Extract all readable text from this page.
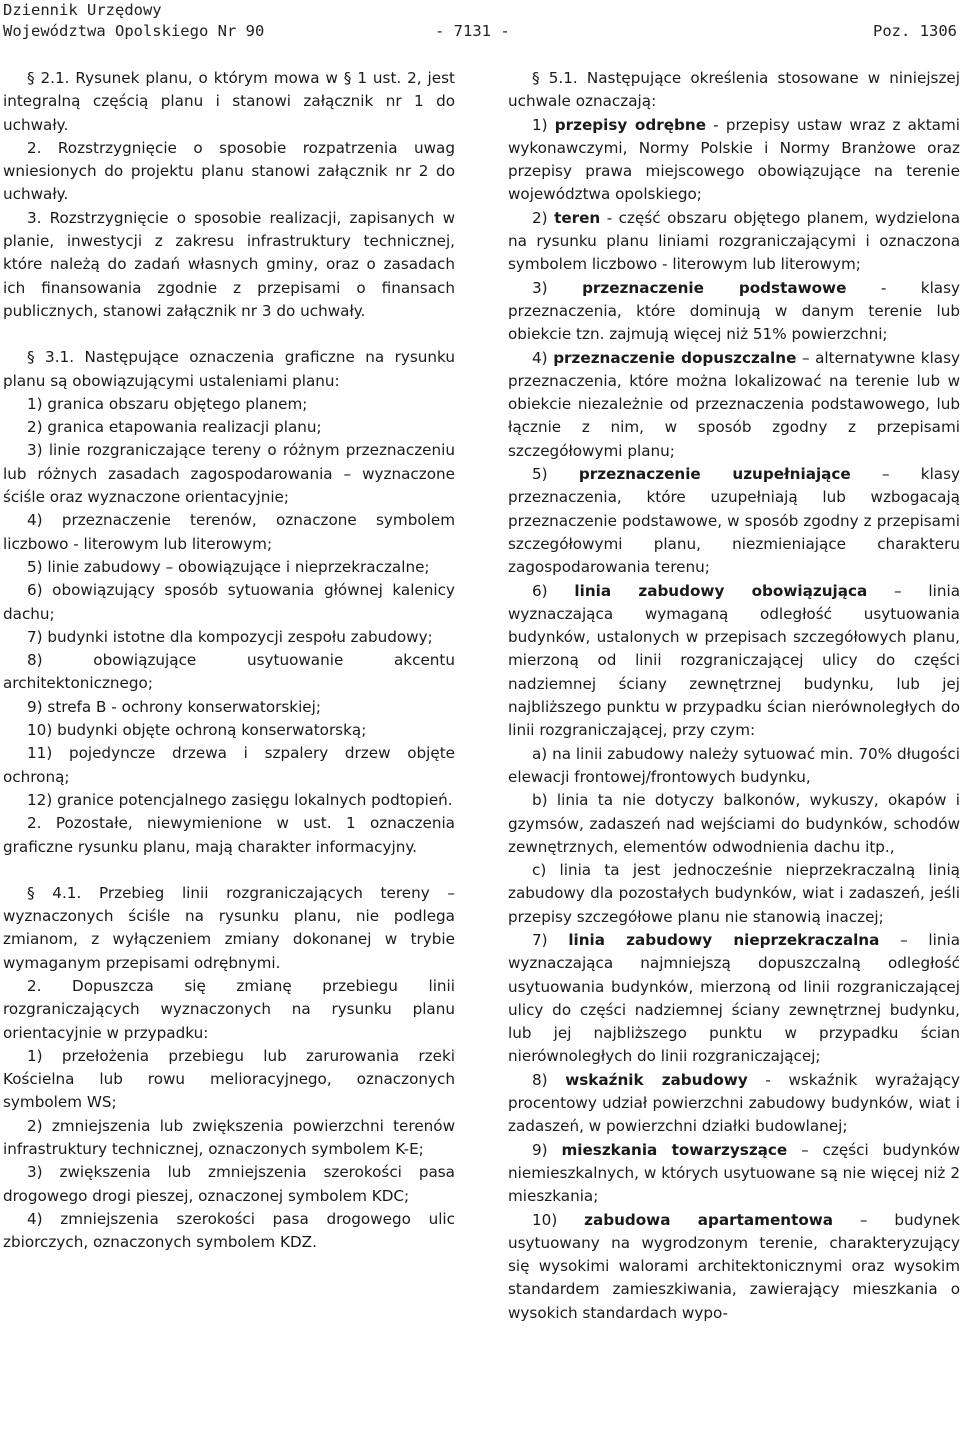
Dziennik Urzędowy
Województwa Opolskiego Nr 90	- 7131 -	Poz. 1306

§ 2.1. Rysunek planu, o którym mowa w § 1 ust. 2, jest integralną częścią planu i stanowi załącznik nr 1 do uchwały.

2. Rozstrzygnięcie o sposobie rozpatrzenia uwag wniesionych do projektu planu stanowi załącznik nr 2 do uchwały.

3. Rozstrzygnięcie o sposobie realizacji, zapisanych w planie, inwestycji z zakresu infrastruktury technicznej, które należą do zadań własnych gminy, oraz o zasadach ich finansowania zgodnie z przepisami o finansach publicznych, stanowi załącznik nr 3 do uchwały.

§ 3.1. Następujące oznaczenia graficzne na rysunku planu są obowiązującymi ustaleniami planu:

1) granica obszaru objętego planem;

2) granica etapowania realizacji planu;

3) linie rozgraniczające tereny o różnym przeznaczeniu lub różnych zasadach zagospodarowania – wyznaczone ściśle oraz wyznaczone orientacyjnie;

4) przeznaczenie terenów, oznaczone symbolem liczbowo - literowym lub literowym;

5) linie zabudowy – obowiązujące i nieprzekraczalne;

6) obowiązujący sposób sytuowania głównej kalenicy dachu;

7) budynki istotne dla kompozycji zespołu zabudowy;

8) obowiązujące usytuowanie akcentu architektonicznego;

9) strefa B - ochrony konserwatorskiej;

10) budynki objęte ochroną konserwatorską;

11) pojedyncze drzewa i szpalery drzew objęte ochroną;

12) granice potencjalnego zasięgu lokalnych podtopień.

2. Pozostałe, niewymienione w ust. 1 oznaczenia graficzne rysunku planu, mają charakter informacyjny.

§ 4.1. Przebieg linii rozgraniczających tereny – wyznaczonych ściśle na rysunku planu, nie podlega zmianom, z wyłączeniem zmiany dokonanej w trybie wymaganym przepisami odrębnymi.

2. Dopuszcza się zmianę przebiegu linii rozgraniczających wyznaczonych na rysunku planu orientacyjnie w przypadku:

1) przełożenia przebiegu lub zarurowania rzeki Kościelna lub rowu melioracyjnego, oznaczonych symbolem WS;

2) zmniejszenia lub zwiększenia powierzchni terenów infrastruktury technicznej, oznaczonych symbolem K-E;

3) zwiększenia lub zmniejszenia szerokości pasa drogowego drogi pieszej, oznaczonej symbolem KDC;

4) zmniejszenia szerokości pasa drogowego ulic zbiorczych, oznaczonych symbolem KDZ.

§ 5.1. Następujące określenia stosowane w niniejszej uchwale oznaczają:

1) przepisy odrębne - przepisy ustaw wraz z aktami wykonawczymi, Normy Polskie i Normy Branżowe oraz przepisy prawa miejscowego obowiązujące na terenie województwa opolskiego;

2) teren - część obszaru objętego planem, wydzielona na rysunku planu liniami rozgraniczającymi i oznaczona symbolem liczbowo - literowym lub literowym;

3) przeznaczenie podstawowe - klasy przeznaczenia, które dominują w danym terenie lub obiekcie tzn. zajmują więcej niż 51% powierzchni;

4) przeznaczenie dopuszczalne – alternatywne klasy przeznaczenia, które można lokalizować na terenie lub w obiekcie niezależnie od przeznaczenia podstawowego, lub łącznie z nim, w sposób zgodny z przepisami szczegółowymi planu;

5) przeznaczenie uzupełniające – klasy przeznaczenia, które uzupełniają lub wzbogacają przeznaczenie podstawowe, w sposób zgodny z przepisami szczegółowymi planu, niezmieniające charakteru zagospodarowania terenu;

6) linia zabudowy obowiązująca – linia wyznaczająca wymaganą odległość usytuowania budynków, ustalonych w przepisach szczegółowych planu, mierzoną od linii rozgraniczającej ulicy do części nadziemnej ściany zewnętrznej budynku, lub jej najbliższego punktu w przypadku ścian nierównoległych do linii rozgraniczającej, przy czym:

a) na linii zabudowy należy sytuować min. 70% długości elewacji frontowej/frontowych budynku,

b) linia ta nie dotyczy balkonów, wykuszy, okapów i gzymsów, zadaszeń nad wejściami do budynków, schodów zewnętrznych, elementów odwodnienia dachu itp.,

c) linia ta jest jednocześnie nieprzekraczalną linią zabudowy dla pozostałych budynków, wiat i zadaszeń, jeśli przepisy szczegółowe planu nie stanowią inaczej;

7) linia zabudowy nieprzekraczalna – linia wyznaczająca najmniejszą dopuszczalną odległość usytuowania budynków, mierzoną od linii rozgraniczającej ulicy do części nadziemnej ściany zewnętrznej budynku, lub jej najbliższego punktu w przypadku ścian nierównoległych do linii rozgraniczającej;

8) wskaźnik zabudowy - wskaźnik wyrażający procentowy udział powierzchni zabudowy budynków, wiat i zadaszeń, w powierzchni działki budowlanej;

9) mieszkania towarzyszące – części budynków niemieszkalnych, w których usytuowane są nie więcej niż 2 mieszkania;

10) zabudowa apartamentowa – budynek usytuowany na wygrodzonym terenie, charakteryzujący się wysokimi walorami architektonicznymi oraz wysokim standardem zamieszkiwania, zawierający mieszkania o wysokich standardach wypo-
